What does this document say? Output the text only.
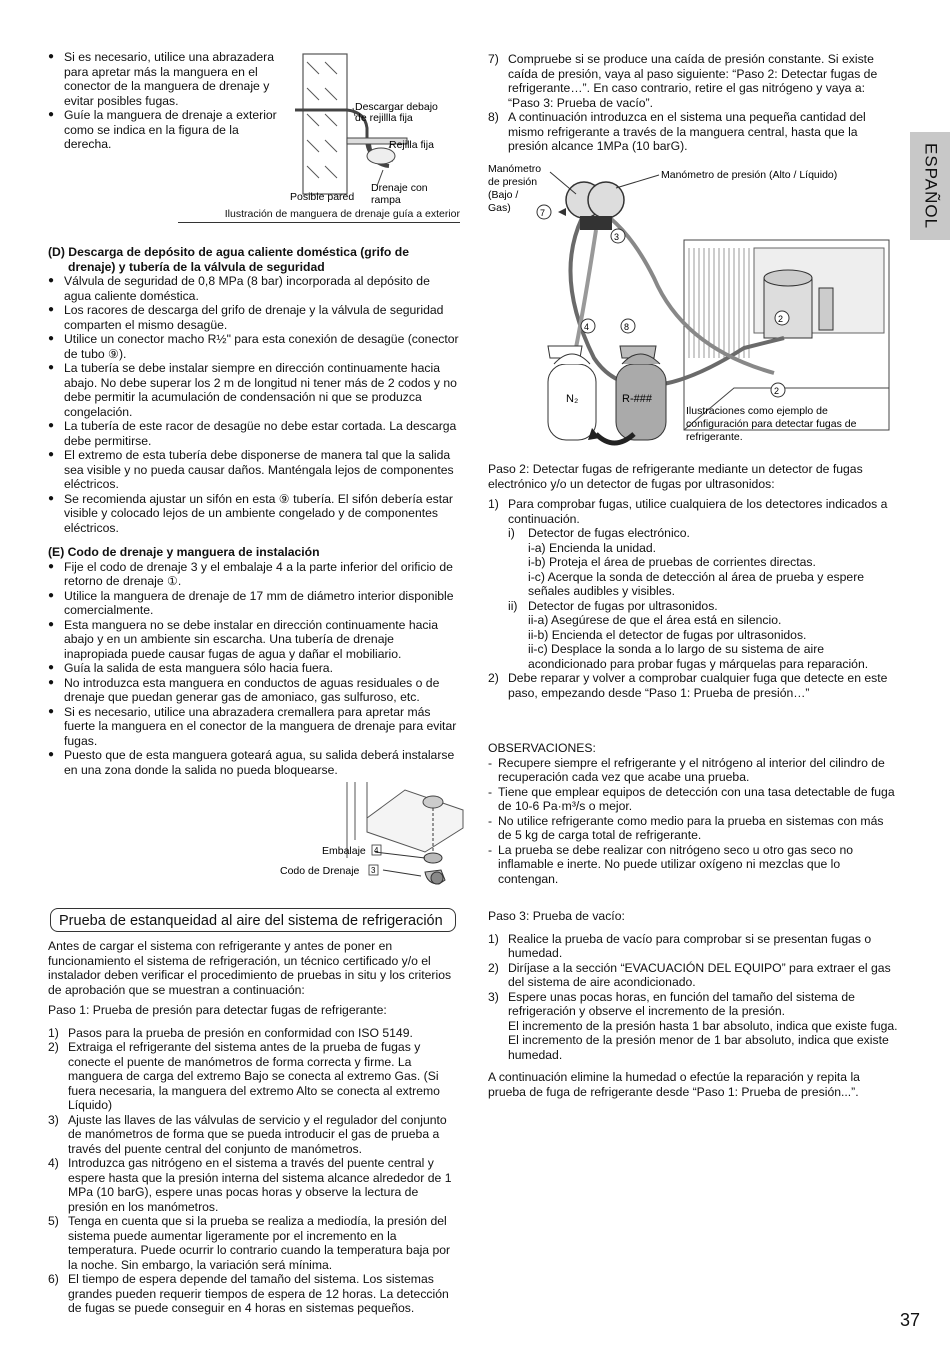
ESPAÑOL

● Si es necesario, utilice una abrazadera para apretar más la manguera en el conector de la manguera de drenaje y evitar posibles fugas.

● Guíe la manguera de drenaje a exterior como se indica en la figura de la derecha.

Descargar debajo
de rejillla fija
Rejilla fija
Posible pared
Drenaje con
rampa
Ilustración de manguera de drenaje guía a exterior

(D) Descarga de depósito de agua caliente doméstica (grifo de

drenaje) y tubería de la válvula de seguridad

● Válvula de seguridad de 0,8 MPa (8 bar) incorporada al depósito de agua caliente doméstica.

● Los racores de descarga del grifo de drenaje y la válvula de seguridad comparten el mismo desagüe.

● Utilice un conector macho R½" para esta conexión de desagüe (conector de tubo ⑨).

● La tubería se debe instalar siempre en dirección continuamente hacia abajo. No debe superar los 2 m de longitud ni tener más de 2 codos y no debe permitir la acumulación de condensación ni que se produzca congelación.

● La tubería de este racor de desagüe no debe estar cortada. La descarga debe permitirse.

● El extremo de esta tubería debe disponerse de manera tal que la salida sea visible y no pueda causar daños. Manténgala lejos de componentes eléctricos.

● Se recomienda ajustar un sifón en esta ⑨ tubería. El sifón debería estar visible y colocado lejos de un ambiente congelado y de componentes eléctricos.

(E) Codo de drenaje y manguera de instalación

● Fije el codo de drenaje 3 y el embalaje 4 a la parte inferior del orificio de retorno de drenaje ①.

● Utilice la manguera de drenaje de 17 mm de diámetro interior disponible comercialmente.

● Esta manguera no se debe instalar en dirección continuamente hacia abajo y en un ambiente sin escarcha. Una tubería de drenaje inapropiada puede causar fugas de agua y dañar el mobiliario.

● Guía la salida de esta manguera sólo hacia fuera.

● No introduzca esta manguera en conductos de aguas residuales o de drenaje que puedan generar gas de amoniaco, gas sulfuroso, etc.

● Si es necesario, utilice una abrazadera cremallera para apretar más fuerte la manguera en el conector de la manguera de drenaje para evitar fugas.

● Puesto que de esta manguera goteará agua, su salida deberá instalarse en una zona donde la salida no pueda bloquearse.

Embalaje 4
Codo de Drenaje 3
Prueba de estanqueidad al aire del sistema de refrigeración

Antes de cargar el sistema con refrigerante y antes de poner en funcionamiento el sistema de refrigeración, un técnico certificado y/o el instalador deben verificar el procedimiento de pruebas in situ y los criterios de aprobación que se muestran a continuación:

Paso 1: Prueba de presión para detectar fugas de refrigerante:

1) Pasos para la prueba de presión en conformidad con ISO 5149.

2) Extraiga el refrigerante del sistema antes de la prueba de fugas y conecte el puente de manómetros de forma correcta y firme. La manguera de carga del extremo Bajo se conecta al extremo Gas. (Si fuera necesaria, la manguera del extremo Alto se conecta al extremo Líquido)

3) Ajuste las llaves de las válvulas de servicio y el regulador del conjunto de manómetros de forma que se pueda introducir el gas de prueba a través del puente central del conjunto de manómetros.

4) Introduzca gas nitrógeno en el sistema a través del puente central y espere hasta que la presión interna del sistema alcance alrededor de 1 MPa (10 barG), espere unas pocas horas y observe la lectura de presión en los manómetros.

5) Tenga en cuenta que si la prueba se realiza a mediodía, la presión del sistema puede aumentar ligeramente por el incremento en la temperatura. Puede ocurrir lo contrario cuando la temperatura baja por la noche. Sin embargo, la variación será mínima.

6) El tiempo de espera depende del tamaño del sistema. Los sistemas grandes pueden requerir tiempos de espera de 12 horas. La detección de fugas se puede conseguir en 4 horas en sistemas pequeños.

7) Compruebe si se produce una caída de presión constante. Si existe caída de presión, vaya al paso siguiente: “Paso 2: Detectar fugas de refrigerante…”. En caso contrario, retire el gas nitrógeno y vaya a: “Paso 3: Prueba de vacío”.

8) A continuación introduzca en el sistema una pequeña cantidad del mismo refrigerante a través de la manguera central, hasta que la presión alcance 1MPa (10 barG).

Manómetro
de presión
(Bajo /
Gas)
Manómetro de presión (Alto / Líquido)
7
3
4	8
2
2
N₂	R-###
Ilustraciones como ejemplo de
configuración para detectar fugas de
refrigerante.

Paso 2: Detectar fugas de refrigerante mediante un detector de fugas electrónico y/o un detector de fugas por ultrasonidos:

1) Para comprobar fugas, utilice cualquiera de los detectores indicados a continuación.

i) Detector de fugas electrónico.

i-a) Encienda la unidad.

i-b) Proteja el área de pruebas de corrientes directas.

i-c) Acerque la sonda de detección al área de prueba y espere señales audibles y visibles.

ii) Detector de fugas por ultrasonidos.

ii-a) Asegúrese de que el área está en silencio.

ii-b) Encienda el detector de fugas por ultrasonidos.

ii-c) Desplace la sonda a lo largo de su sistema de aire acondicionado para probar fugas y márquelas para reparación.

2) Debe reparar y volver a comprobar cualquier fuga que detecte en este paso, empezando desde “Paso 1: Prueba de presión…”

OBSERVACIONES:

- Recupere siempre el refrigerante y el nitrógeno al interior del cilindro de recuperación cada vez que acabe una prueba.

- Tiene que emplear equipos de detección con una tasa detectable de fuga de 10-6 Pa·m³/s o mejor.

- No utilice refrigerante como medio para la prueba en sistemas con más de 5 kg de carga total de refrigerante.

- La prueba se debe realizar con nitrógeno seco u otro gas seco no inflamable e inerte. No puede utilizar oxígeno ni mezclas que lo contengan.

Paso 3: Prueba de vacío:

1) Realice la prueba de vacío para comprobar si se presentan fugas o humedad.

2) Diríjase a la sección “EVACUACIÓN DEL EQUIPO” para extraer el gas del sistema de aire acondicionado.

3) Espere unas pocas horas, en función del tamaño del sistema de refrigeración y observe el incremento de la presión.

El incremento de la presión hasta 1 bar absoluto, indica que existe fuga.

El incremento de la presión menor de 1 bar absoluto, indica que existe humedad.

A continuación elimine la humedad o efectúe la reparación y repita la prueba de fuga de refrigerante desde “Paso 1: Prueba de presión...”.

37
